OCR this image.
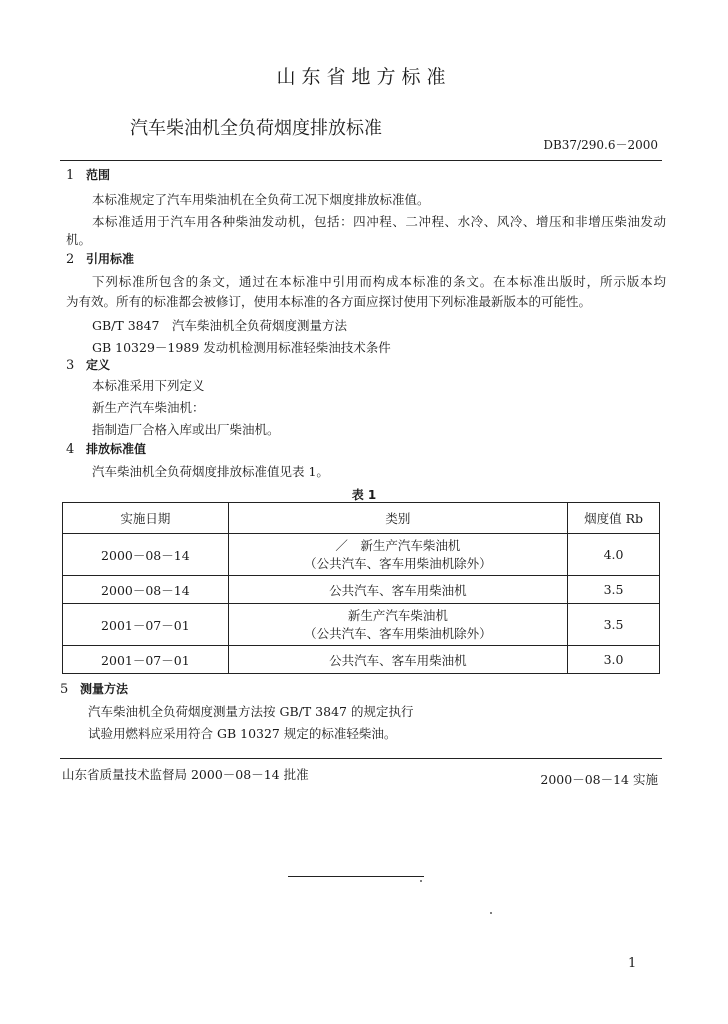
山东省地方标准
汽车柴油机全负荷烟度排放标准
DB37/290.6－2000
1 范围
本标准规定了汽车用柴油机在全负荷工况下烟度排放标准值。
本标准适用于汽车用各种柴油发动机，包括：四冲程、二冲程、水冷、风冷、增压和非增压柴油发动
机。
2 引用标准
下列标准所包含的条文，通过在本标准中引用而构成本标准的条文。在本标准出版时，所示版本均
为有效。所有的标准都会被修订，使用本标准的各方面应探讨使用下列标准最新版本的可能性。
GB/T 3847　汽车柴油机全负荷烟度测量方法
GB 10329－1989 发动机检测用标准轻柴油技术条件
3 定义
本标准采用下列定义
新生产汽车柴油机：
指制造厂合格入库或出厂柴油机。
4 排放标准值
汽车柴油机全负荷烟度排放标准值见表 1。
表 1
实施日期	类别	烟度值 Rb
2000－08－14	／　新生产汽车柴油机
（公共汽车、客车用柴油机除外）	4.0
2000－08－14	公共汽车、客车用柴油机	3.5
2001－07－01	新生产汽车柴油机
（公共汽车、客车用柴油机除外）	3.5
2001－07－01	公共汽车、客车用柴油机	3.0
5 测量方法
汽车柴油机全负荷烟度测量方法按 GB/T 3847 的规定执行
试验用燃料应采用符合 GB 10327 规定的标准轻柴油。
山东省质量技术监督局 2000－08－14 批准	2000－08－14 实施
1
